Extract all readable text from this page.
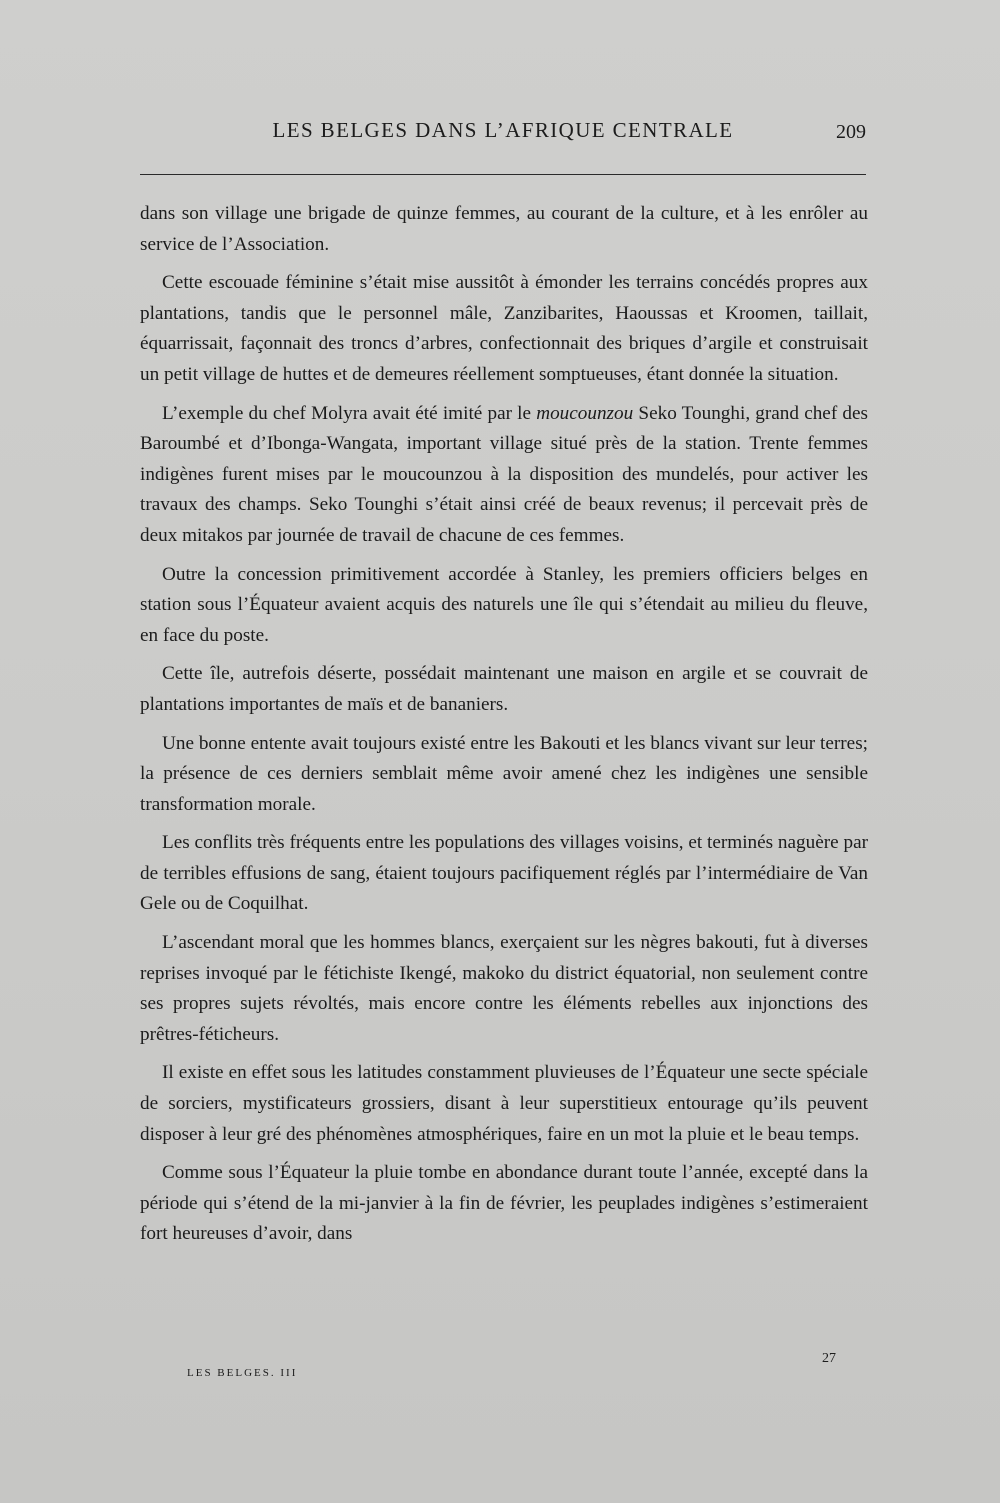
LES BELGES DANS L’AFRIQUE CENTRALE	209

dans son village une brigade de quinze femmes, au courant de la culture, et à les enrôler au service de l’Association.

Cette escouade féminine s’était mise aussitôt à émonder les terrains concédés propres aux plantations, tandis que le personnel mâle, Zanzibarites, Haoussas et Kroomen, taillait, équarrissait, façonnait des troncs d’arbres, confectionnait des briques d’argile et construisait un petit village de huttes et de demeures réellement somptueuses, étant donnée la situation.

L’exemple du chef Molyra avait été imité par le moucounzou Seko Tounghi, grand chef des Baroumbé et d’Ibonga-Wangata, important village situé près de la station. Trente femmes indigènes furent mises par le moucounzou à la disposition des mundelés, pour activer les travaux des champs. Seko Tounghi s’était ainsi créé de beaux revenus; il percevait près de deux mitakos par journée de travail de chacune de ces femmes.

Outre la concession primitivement accordée à Stanley, les premiers officiers belges en station sous l’Équateur avaient acquis des naturels une île qui s’étendait au milieu du fleuve, en face du poste.

Cette île, autrefois déserte, possédait maintenant une maison en argile et se couvrait de plantations importantes de maïs et de bananiers.

Une bonne entente avait toujours existé entre les Bakouti et les blancs vivant sur leur terres; la présence de ces derniers semblait même avoir amené chez les indigènes une sensible transformation morale.

Les conflits très fréquents entre les populations des villages voisins, et terminés naguère par de terribles effusions de sang, étaient toujours pacifiquement réglés par l’intermédiaire de Van Gele ou de Coquilhat.

L’ascendant moral que les hommes blancs, exerçaient sur les nègres bakouti, fut à diverses reprises invoqué par le fétichiste Ikengé, makoko du district équatorial, non seulement contre ses propres sujets révoltés, mais encore contre les éléments rebelles aux injonctions des prêtres-féticheurs.

Il existe en effet sous les latitudes constamment pluvieuses de l’Équateur une secte spéciale de sorciers, mystificateurs grossiers, disant à leur superstitieux entourage qu’ils peuvent disposer à leur gré des phénomènes atmosphériques, faire en un mot la pluie et le beau temps.

Comme sous l’Équateur la pluie tombe en abondance durant toute l’année, excepté dans la période qui s’étend de la mi-janvier à la fin de février, les peuplades indigènes s’estimeraient fort heureuses d’avoir, dans

LES BELGES. III
27
